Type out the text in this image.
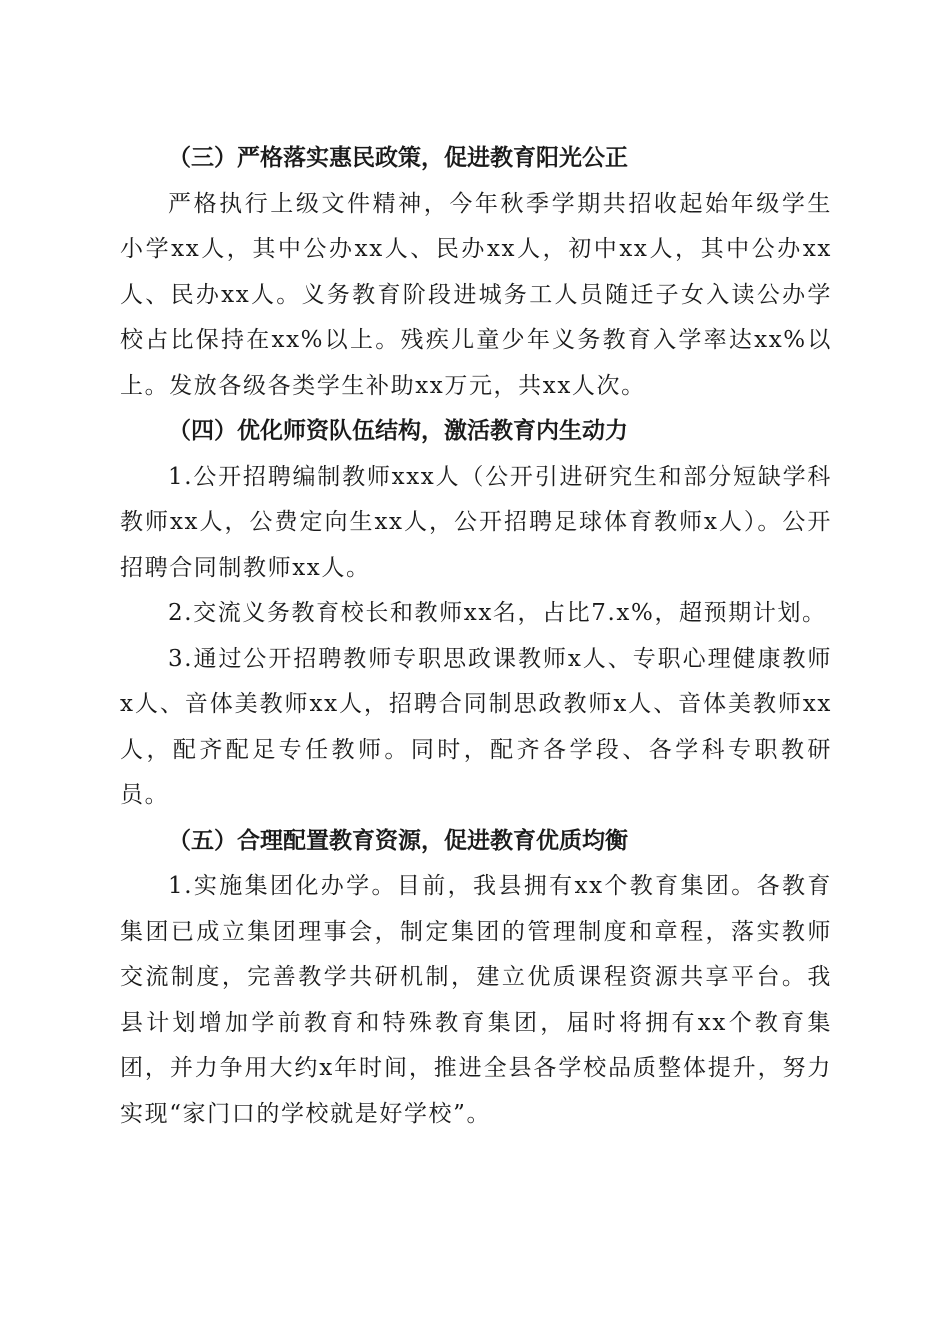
（三）严格落实惠民政策，促进教育阳光公正

严格执行上级文件精神，今年秋季学期共招收起始年级学生小学xx人，其中公办xx人、民办xx人，初中xx人，其中公办xx人、民办xx人。义务教育阶段进城务工人员随迁子女入读公办学校占比保持在xx%以上。残疾儿童少年义务教育入学率达xx%以上。发放各级各类学生补助xx万元，共xx人次。

（四）优化师资队伍结构，激活教育内生动力

1.公开招聘编制教师xxx人（公开引进研究生和部分短缺学科教师xx人，公费定向生xx人，公开招聘足球体育教师x人）。公开招聘合同制教师xx人。

2.交流义务教育校长和教师xx名，占比7.x%，超预期计划。

3.通过公开招聘教师专职思政课教师x人、专职心理健康教师x人、音体美教师xx人，招聘合同制思政教师x人、音体美教师xx人，配齐配足专任教师。同时，配齐各学段、各学科专职教研员。

（五）合理配置教育资源，促进教育优质均衡

1.实施集团化办学。目前，我县拥有xx个教育集团。各教育集团已成立集团理事会，制定集团的管理制度和章程，落实教师交流制度，完善教学共研机制，建立优质课程资源共享平台。我县计划增加学前教育和特殊教育集团，届时将拥有xx个教育集团，并力争用大约x年时间，推进全县各学校品质整体提升，努力实现“家门口的学校就是好学校”。
